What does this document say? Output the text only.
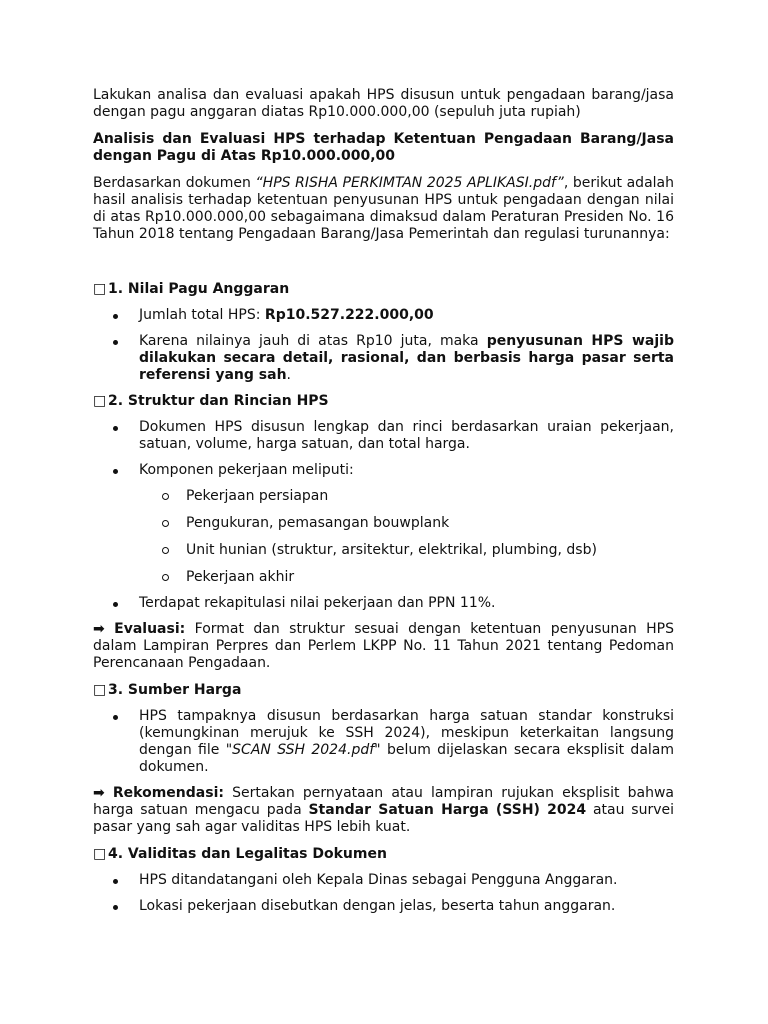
Lakukan analisa dan evaluasi apakah HPS disusun untuk pengadaan barang/jasa dengan pagu anggaran diatas Rp10.000.000,00 (sepuluh juta rupiah)

Analisis dan Evaluasi HPS terhadap Ketentuan Pengadaan Barang/Jasa dengan Pagu di Atas Rp10.000.000,00

Berdasarkan dokumen “HPS RISHA PERKIMTAN 2025 APLIKASI.pdf”, berikut adalah hasil analisis terhadap ketentuan penyusunan HPS untuk pengadaan dengan nilai di atas Rp10.000.000,00 sebagaimana dimaksud dalam Peraturan Presiden No. 16 Tahun 2018 tentang Pengadaan Barang/Jasa Pemerintah dan regulasi turunannya:

□ 1. Nilai Pagu Anggaran

Jumlah total HPS: Rp10.527.222.000,00
Karena nilainya jauh di atas Rp10 juta, maka penyusunan HPS wajib dilakukan secara detail, rasional, dan berbasis harga pasar serta referensi yang sah.

□ 2. Struktur dan Rincian HPS

Dokumen HPS disusun lengkap dan rinci berdasarkan uraian pekerjaan, satuan, volume, harga satuan, dan total harga.
Komponen pekerjaan meliputi:
Pekerjaan persiapan
Pengukuran, pemasangan bouwplank
Unit hunian (struktur, arsitektur, elektrikal, plumbing, dsb)
Pekerjaan akhir
Terdapat rekapitulasi nilai pekerjaan dan PPN 11%.

➡ Evaluasi: Format dan struktur sesuai dengan ketentuan penyusunan HPS dalam Lampiran Perpres dan Perlem LKPP No. 11 Tahun 2021 tentang Pedoman Perencanaan Pengadaan.

□ 3. Sumber Harga

HPS tampaknya disusun berdasarkan harga satuan standar konstruksi (kemungkinan merujuk ke SSH 2024), meskipun keterkaitan langsung dengan file "SCAN SSH 2024.pdf" belum dijelaskan secara eksplisit dalam dokumen.

➡ Rekomendasi: Sertakan pernyataan atau lampiran rujukan eksplisit bahwa harga satuan mengacu pada Standar Satuan Harga (SSH) 2024 atau survei pasar yang sah agar validitas HPS lebih kuat.

□ 4. Validitas dan Legalitas Dokumen

HPS ditandatangani oleh Kepala Dinas sebagai Pengguna Anggaran.
Lokasi pekerjaan disebutkan dengan jelas, beserta tahun anggaran.
